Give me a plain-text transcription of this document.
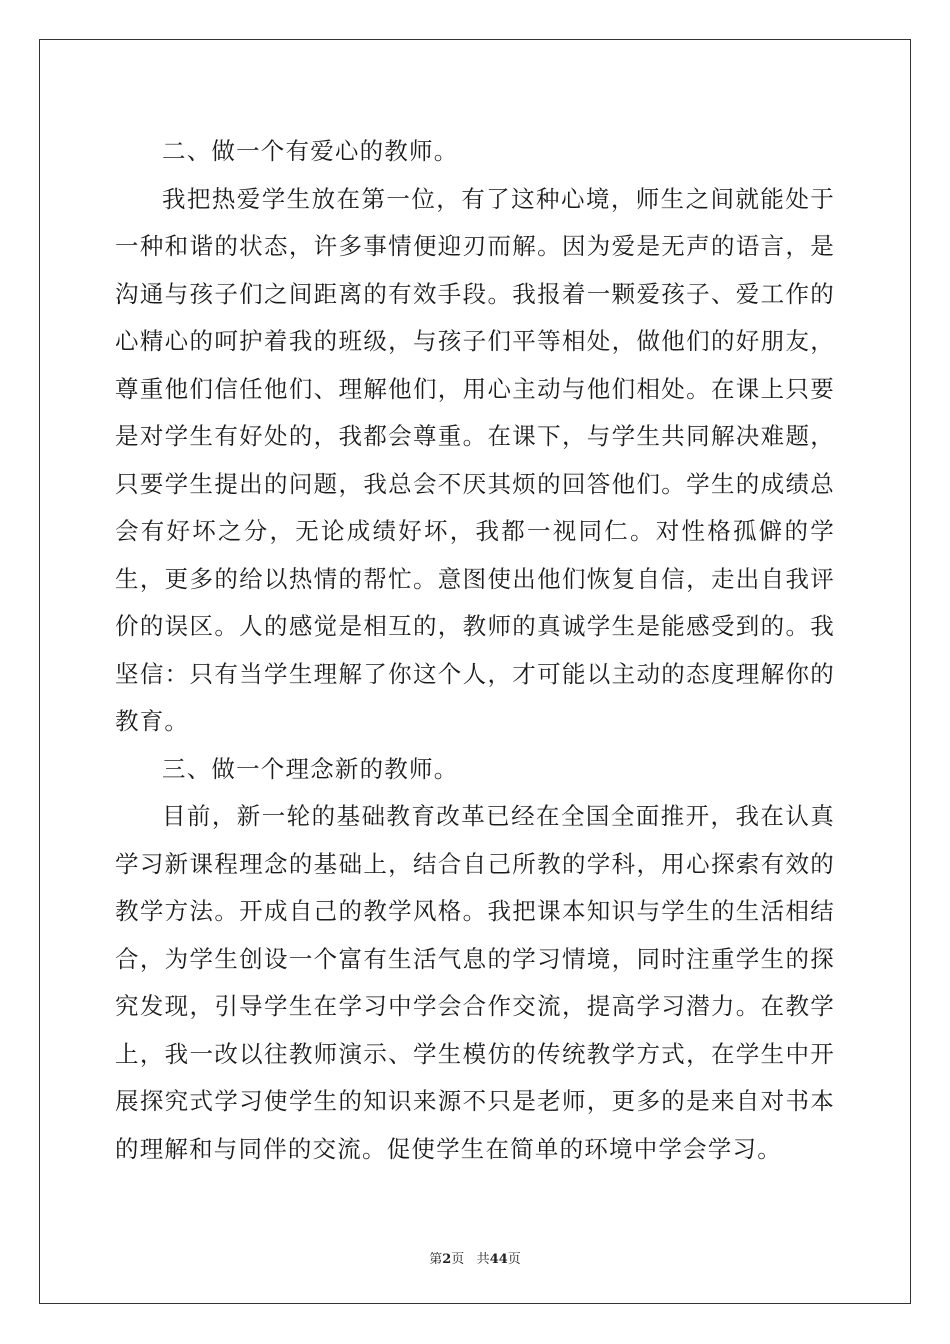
二、做一个有爱心的教师。

我把热爱学生放在第一位，有了这种心境，师生之间就能处于一种和谐的状态，许多事情便迎刃而解。因为爱是无声的语言，是沟通与孩子们之间距离的有效手段。我报着一颗爱孩子、爱工作的心精心的呵护着我的班级，与孩子们平等相处，做他们的好朋友，尊重他们信任他们、理解他们，用心主动与他们相处。在课上只要是对学生有好处的，我都会尊重。在课下，与学生共同解决难题，只要学生提出的问题，我总会不厌其烦的回答他们。学生的成绩总会有好坏之分，无论成绩好坏，我都一视同仁。对性格孤僻的学生，更多的给以热情的帮忙。意图使出他们恢复自信，走出自我评价的误区。人的感觉是相互的，教师的真诚学生是能感受到的。我坚信：只有当学生理解了你这个人，才可能以主动的态度理解你的教育。

三、做一个理念新的教师。

目前，新一轮的基础教育改革已经在全国全面推开，我在认真学习新课程理念的基础上，结合自己所教的学科，用心探索有效的教学方法。开成自己的教学风格。我把课本知识与学生的生活相结合，为学生创设一个富有生活气息的学习情境，同时注重学生的探究发现，引导学生在学习中学会合作交流，提高学习潜力。在教学上，我一改以往教师演示、学生模仿的传统教学方式，在学生中开展探究式学习使学生的知识来源不只是老师，更多的是来自对书本的理解和与同伴的交流。促使学生在简单的环境中学会学习。

第2页 共44页
